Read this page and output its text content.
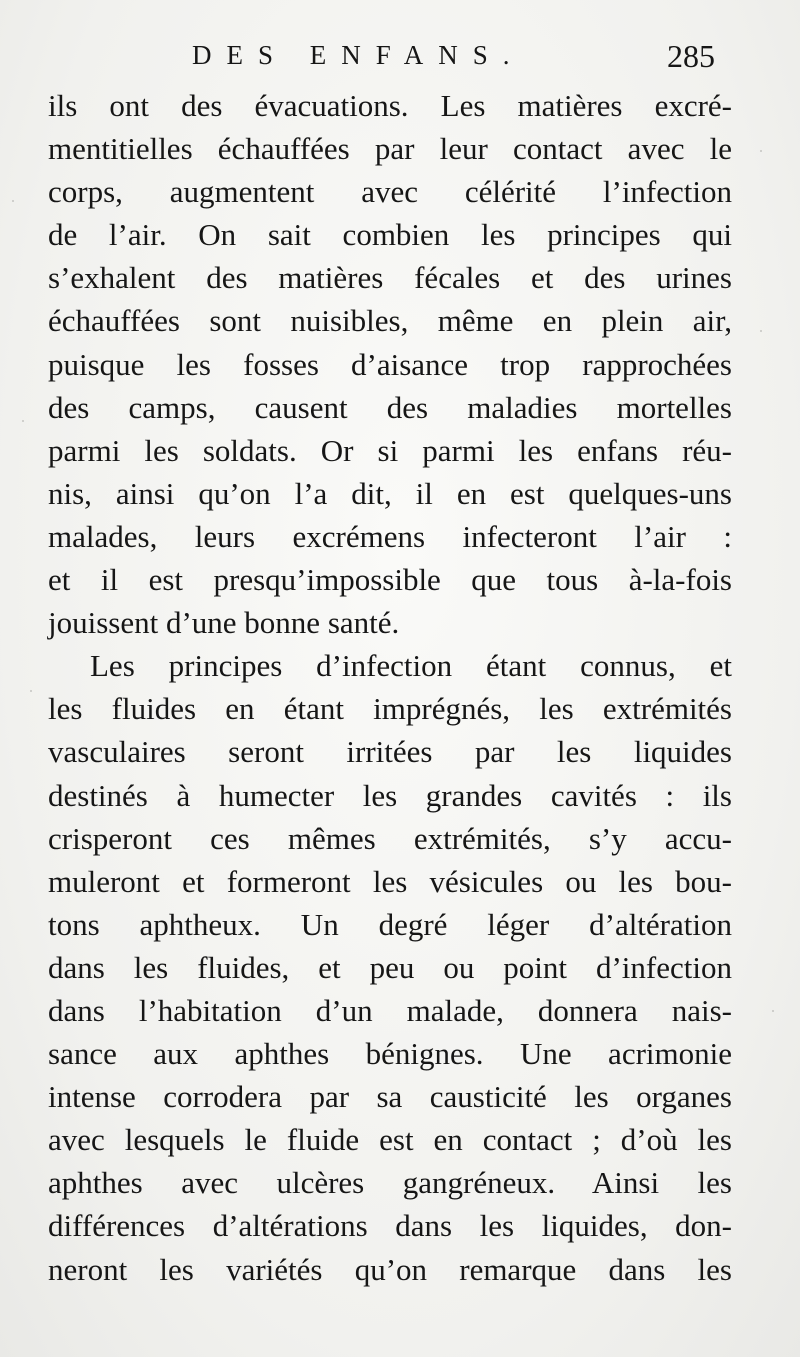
DES ENFANS.	285
ils ont des évacuations. Les matières excré-
mentitielles échauffées par leur contact avec le
corps, augmentent avec célérité l’infection
de l’air. On sait combien les principes qui
s’exhalent des matières fécales et des urines
échauffées sont nuisibles, même en plein air,
puisque les fosses d’aisance trop rapprochées
des camps, causent des maladies mortelles
parmi les soldats. Or si parmi les enfans réu-
nis, ainsi qu’on l’a dit, il en est quelques-uns
malades, leurs excrémens infecteront l’air :
et il est presqu’impossible que tous à-la-fois
jouissent d’une bonne santé.
Les principes d’infection étant connus, et
les fluides en étant imprégnés, les extrémités
vasculaires seront irritées par les liquides
destinés à humecter les grandes cavités : ils
crisperont ces mêmes extrémités, s’y accu-
muleront et formeront les vésicules ou les bou-
tons aphtheux. Un degré léger d’altération
dans les fluides, et peu ou point d’infection
dans l’habitation d’un malade, donnera nais-
sance aux aphthes bénignes. Une acrimonie
intense corrodera par sa causticité les organes
avec lesquels le fluide est en contact ; d’où les
aphthes avec ulcères gangréneux. Ainsi les
différences d’altérations dans les liquides, don-
neront les variétés qu’on remarque dans les
